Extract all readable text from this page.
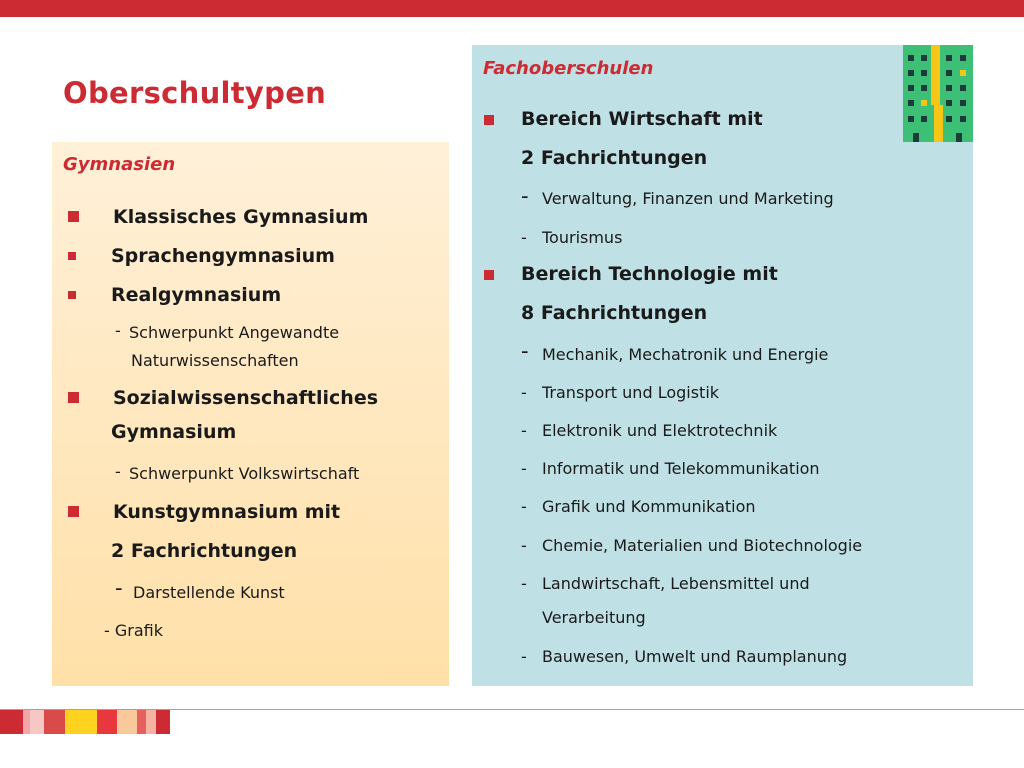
Oberschultypen
Gymnasien
Klassisches Gymnasium
Sprachengymnasium
Realgymnasium
- Schwerpunkt Angewandte
Naturwissenschaften
Sozialwissenschaftliches
Gymnasium
- Schwerpunkt Volkswirtschaft
Kunstgymnasium mit
2 Fachrichtungen
- Darstellende Kunst
- Grafik
Fachoberschulen
Bereich Wirtschaft mit
2 Fachrichtungen
- Verwaltung, Finanzen und Marketing
- Tourismus
Bereich Technologie mit
8 Fachrichtungen
- Mechanik, Mechatronik und Energie
- Transport und Logistik
- Elektronik und Elektrotechnik
- Informatik und Telekommunikation
- Grafik und Kommunikation
- Chemie, Materialien und Biotechnologie
- Landwirtschaft, Lebensmittel und
Verarbeitung
- Bauwesen, Umwelt und Raumplanung
